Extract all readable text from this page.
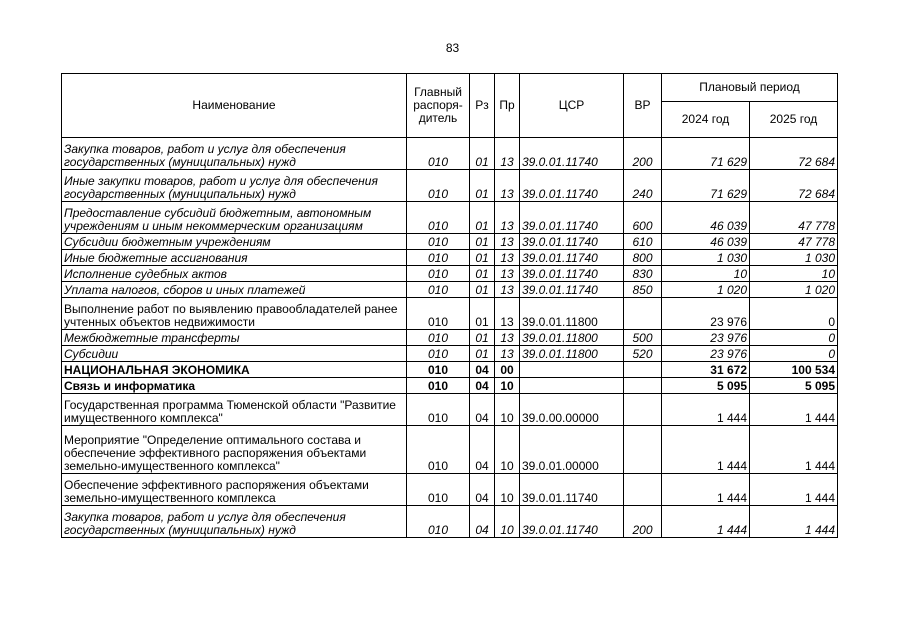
83
Наименование	Главный распоря-дитель	Рз	Пр	ЦСР	ВР	Плановый период	
						2024 год	2025 год
Закупка товаров, работ и услуг для обеспечения государственных (муниципальных) нужд	010	01	13	39.0.01.11740	200	71 629	72 684
Иные закупки товаров, работ и услуг для обеспечения государственных (муниципальных) нужд	010	01	13	39.0.01.11740	240	71 629	72 684
Предоставление субсидий бюджетным, автономным учреждениям и иным некоммерческим организациям	010	01	13	39.0.01.11740	600	46 039	47 778
Субсидии бюджетным учреждениям	010	01	13	39.0.01.11740	610	46 039	47 778
Иные бюджетные ассигнования	010	01	13	39.0.01.11740	800	1 030	1 030
Исполнение судебных актов	010	01	13	39.0.01.11740	830	10	10
Уплата налогов, сборов и иных платежей	010	01	13	39.0.01.11740	850	1 020	1 020
Выполнение работ по выявлению правообладателей ранее учтенных объектов недвижимости	010	01	13	39.0.01.11800		23 976	0
Межбюджетные трансферты	010	01	13	39.0.01.11800	500	23 976	0
Субсидии	010	01	13	39.0.01.11800	520	23 976	0
НАЦИОНАЛЬНАЯ ЭКОНОМИКА	010	04	00			31 672	100 534
Связь и информатика	010	04	10			5 095	5 095
Государственная программа Тюменской области "Развитие имущественного комплекса"	010	04	10	39.0.00.00000		1 444	1 444
Мероприятие "Определение оптимального состава и обеспечение эффективного распоряжения объектами земельно-имущественного комплекса"	010	04	10	39.0.01.00000		1 444	1 444
Обеспечение эффективного распоряжения объектами земельно-имущественного комплекса	010	04	10	39.0.01.11740		1 444	1 444
Закупка товаров, работ и услуг для обеспечения государственных (муниципальных) нужд	010	04	10	39.0.01.11740	200	1 444	1 444
